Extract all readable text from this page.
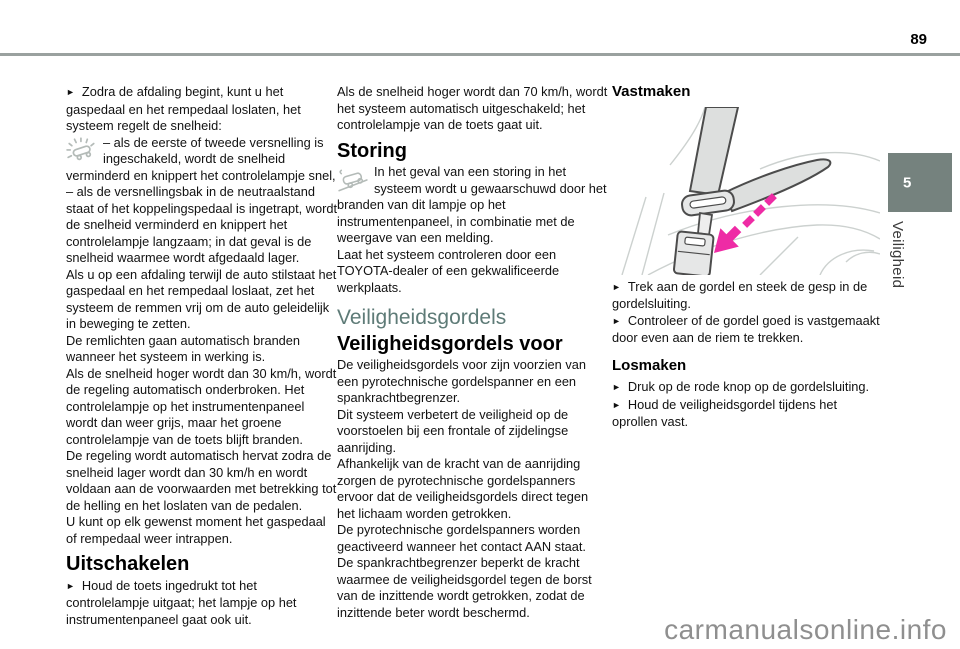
89

► Zodra de afdaling begint, kunt u het gaspedaal en het rempedaal loslaten, het systeem regelt de snelheid:

– als de eerste of tweede versnelling is ingeschakeld, wordt de snelheid verminderd en knippert het controlelampje snel,

– als de versnellingsbak in de neutraalstand staat of het koppelingspedaal is ingetrapt, wordt de snelheid verminderd en knippert het controlelampje langzaam; in dat geval is de snelheid waarmee wordt afgedaald lager.

Als u op een afdaling terwijl de auto stilstaat het gaspedaal en het rempedaal loslaat, zet het systeem de remmen vrij om de auto geleidelijk in beweging te zetten.

De remlichten gaan automatisch branden wanneer het systeem in werking is.

Als de snelheid hoger wordt dan 30 km/h, wordt de regeling automatisch onderbroken. Het controlelampje op het instrumentenpaneel wordt dan weer grijs, maar het groene controlelampje van de toets blijft branden.

De regeling wordt automatisch hervat zodra de snelheid lager wordt dan 30 km/h en wordt voldaan aan de voorwaarden met betrekking tot de helling en het loslaten van de pedalen.

U kunt op elk gewenst moment het gaspedaal of rempedaal weer intrappen.

Uitschakelen

► Houd de toets ingedrukt tot het controlelampje uitgaat; het lampje op het instrumentenpaneel gaat ook uit.

Als de snelheid hoger wordt dan 70 km/h, wordt het systeem automatisch uitgeschakeld; het controlelampje van de toets gaat uit.

Storing

In het geval van een storing in het systeem wordt u gewaarschuwd door het branden van dit lampje op het instrumentenpaneel, in combinatie met de weergave van een melding.

Laat het systeem controleren door een TOYOTA-dealer of een gekwalificeerde werkplaats.

Veiligheidsgordels
Veiligheidsgordels voor

De veiligheidsgordels voor zijn voorzien van een pyrotechnische gordelspanner en een spankrachtbegrenzer.

Dit systeem verbetert de veiligheid op de voorstoelen bij een frontale of zijdelingse aanrijding.

Afhankelijk van de kracht van de aanrijding zorgen de pyrotechnische gordelspanners ervoor dat de veiligheidsgordels direct tegen het lichaam worden getrokken.

De pyrotechnische gordelspanners worden geactiveerd wanneer het contact AAN staat.

De spankrachtbegrenzer beperkt de kracht waarmee de veiligheidsgordel tegen de borst van de inzittende wordt getrokken, zodat de inzittende beter wordt beschermd.

Vastmaken

► Trek aan de gordel en steek de gesp in de gordelsluiting.

► Controleer of de gordel goed is vastgemaakt door even aan de riem te trekken.

Losmaken

► Druk op de rode knop op de gordelsluiting.

► Houd de veiligheidsgordel tijdens het oprollen vast.

5
Veiligheid
carmanualsonline.info
